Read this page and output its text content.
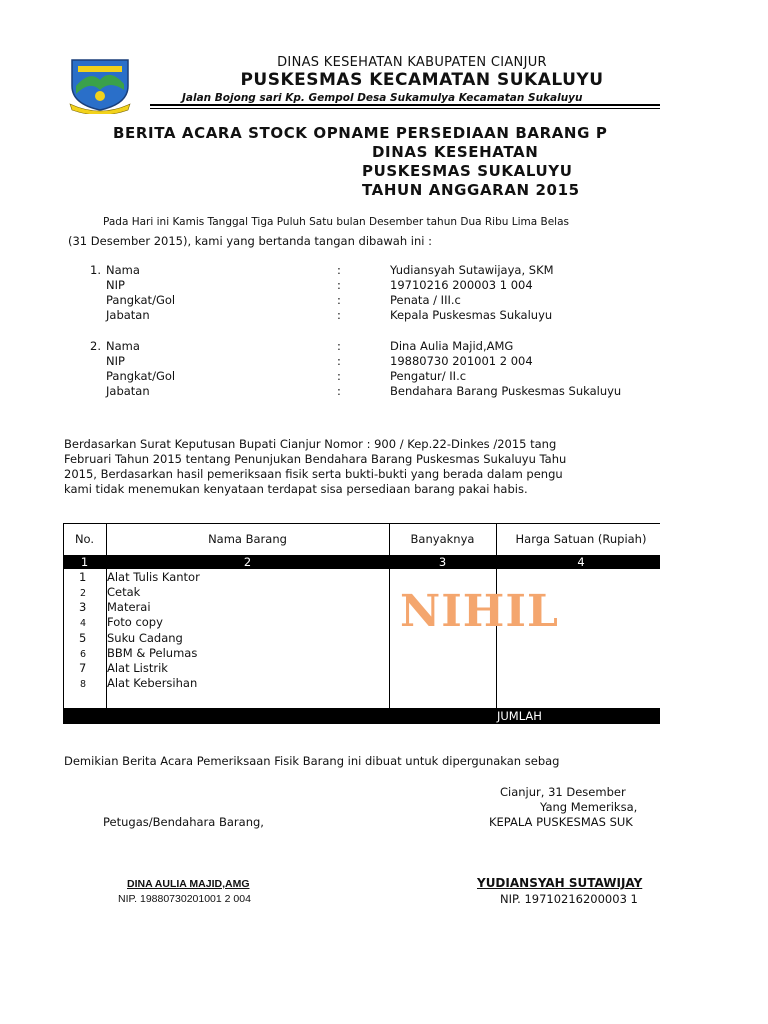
DINAS KESEHATAN KABUPATEN CIANJUR
PUSKESMAS KECAMATAN SUKALUYU
Jalan Bojong sari Kp. Gempol Desa Sukamulya Kecamatan Sukaluyu
BERITA ACARA STOCK OPNAME PERSEDIAAN BARANG P
DINAS KESEHATAN
PUSKESMAS SUKALUYU
TAHUN ANGGARAN 2015
Pada Hari ini Kamis Tanggal Tiga Puluh Satu bulan Desember tahun Dua Ribu Lima Belas
(31 Desember 2015), kami yang bertanda tangan dibawah ini :
1. Nama	:	Yudiansyah Sutawijaya, SKM
NIP	:	19710216 200003 1 004
Pangkat/Gol	:	Penata / III.c
Jabatan	:	Kepala Puskesmas Sukaluyu
2. Nama	:	Dina Aulia Majid,AMG
NIP	:	19880730 201001 2 004
Pangkat/Gol	:	Pengatur/ II.c
Jabatan	:	Bendahara Barang Puskesmas Sukaluyu
Berdasarkan Surat Keputusan Bupati Cianjur Nomor : 900 / Kep.22-Dinkes /2015 tang
Februari Tahun 2015 tentang Penunjukan Bendahara Barang Puskesmas Sukaluyu Tahu
2015, Berdasarkan hasil pemeriksaan fisik serta bukti-bukti yang berada dalam pengu
kami tidak menemukan kenyataan terdapat sisa persediaan barang pakai habis.
No.	Nama Barang	Banyaknya	Harga Satuan (Rupiah)
1	2	3	4
1 Alat Tulis Kantor
2 Cetak
3 Materai
4 Foto copy
5 Suku Cadang
6 BBM & Pelumas
7 Alat Listrik
8 Alat Kebersihan
JUMLAH
NIHIL
Demikian Berita Acara Pemeriksaan Fisik Barang ini dibuat untuk dipergunakan sebag
Cianjur, 31 Desember
Yang Memeriksa,
KEPALA PUSKESMAS SUK
Petugas/Bendahara Barang,
DINA AULIA MAJID,AMG
NIP. 19880730201001 2 004
YUDIANSYAH SUTAWIJAY
NIP. 19710216200003 1
